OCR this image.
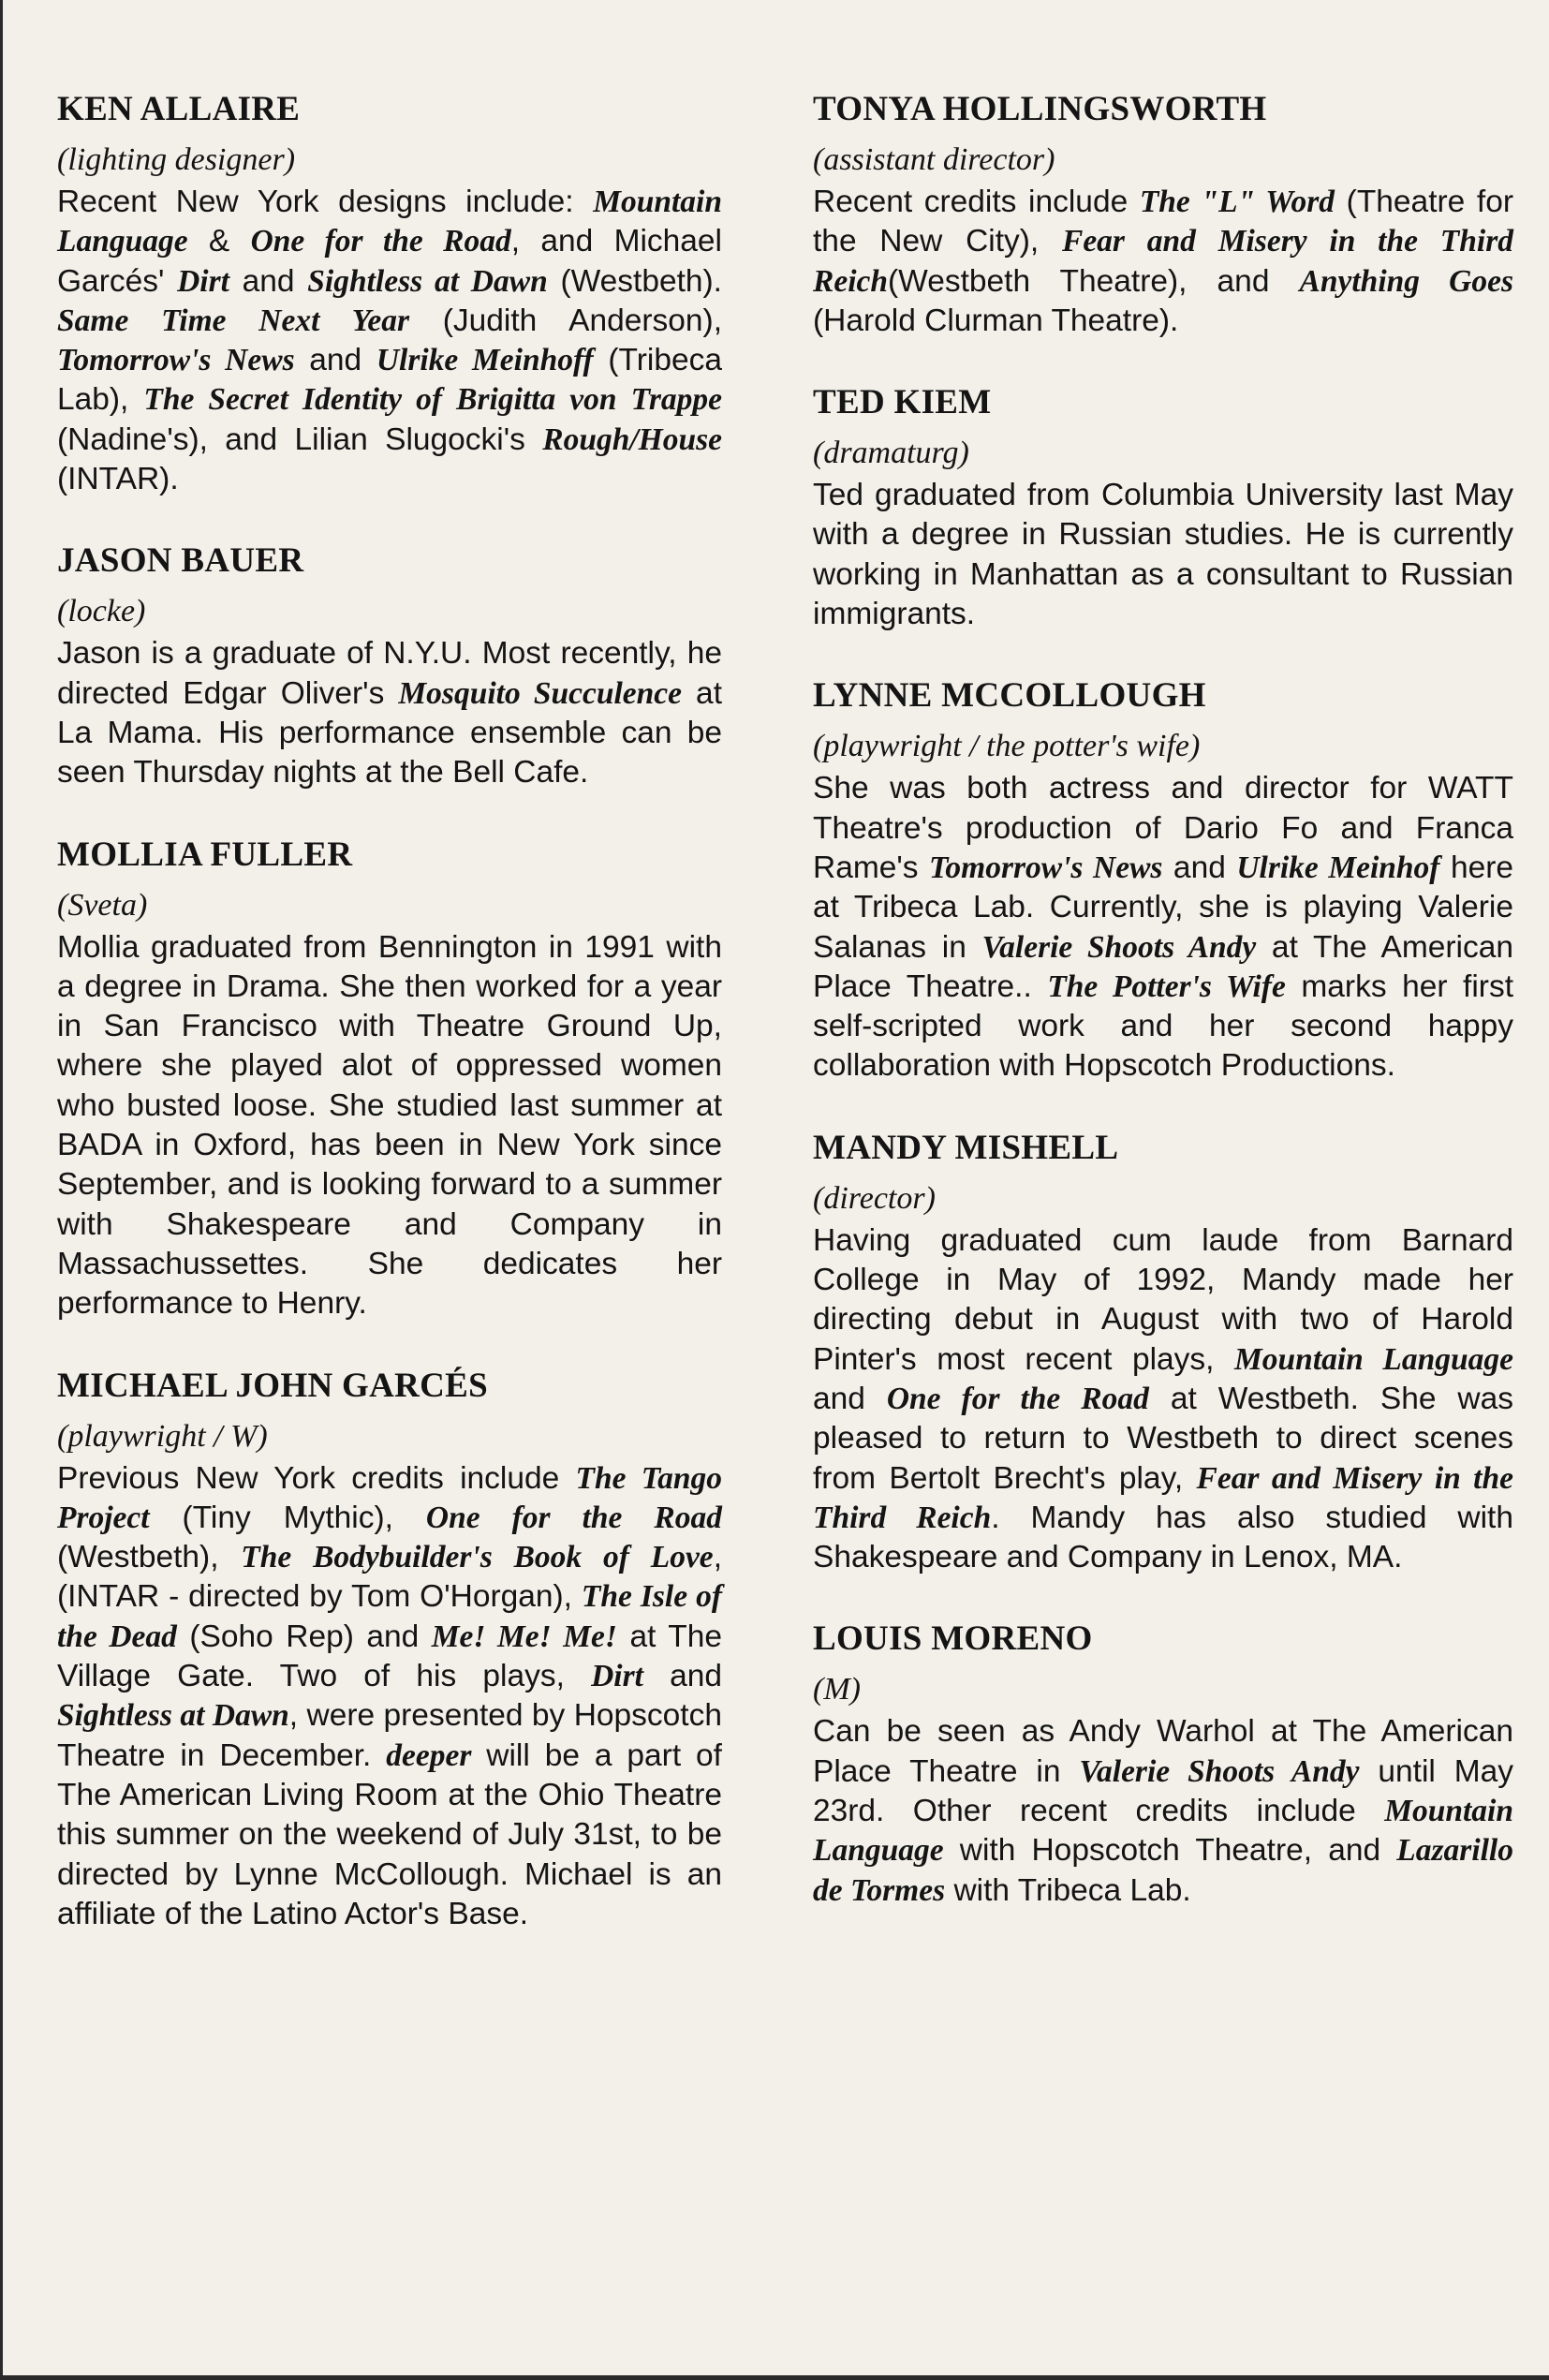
KEN ALLAIRE
(lighting designer)

Recent New York designs include: Mountain Language & One for the Road, and Michael Garcés' Dirt and Sightless at Dawn (Westbeth). Same Time Next Year (Judith Anderson), Tomorrow's News and Ulrike Meinhoff (Tribeca Lab), The Secret Identity of Brigitta von Trappe (Nadine's), and Lilian Slugocki's Rough/House (INTAR).

JASON BAUER
(locke)

Jason is a graduate of N.Y.U. Most recently, he directed Edgar Oliver's Mosquito Succulence at La Mama. His performance ensemble can be seen Thursday nights at the Bell Cafe.

MOLLIA FULLER
(Sveta)

Mollia graduated from Bennington in 1991 with a degree in Drama. She then worked for a year in San Francisco with Theatre Ground Up, where she played alot of oppressed women who busted loose. She studied last summer at BADA in Oxford, has been in New York since September, and is looking forward to a summer with Shakespeare and Company in Massachussettes. She dedicates her performance to Henry.

MICHAEL JOHN GARCÉS
(playwright / W)

Previous New York credits include The Tango Project (Tiny Mythic), One for the Road (Westbeth), The Bodybuilder's Book of Love, (INTAR - directed by Tom O'Horgan), The Isle of the Dead (Soho Rep) and Me! Me! Me! at The Village Gate. Two of his plays, Dirt and Sightless at Dawn, were presented by Hopscotch Theatre in December. deeper will be a part of The American Living Room at the Ohio Theatre this summer on the weekend of July 31st, to be directed by Lynne McCollough. Michael is an affiliate of the Latino Actor's Base.

TONYA HOLLINGSWORTH
(assistant director)

Recent credits include The "L" Word (Theatre for the New City), Fear and Misery in the Third Reich(Westbeth Theatre), and Anything Goes (Harold Clurman Theatre).

TED KIEM
(dramaturg)

Ted graduated from Columbia University last May with a degree in Russian studies. He is currently working in Manhattan as a consultant to Russian immigrants.

LYNNE MCCOLLOUGH
(playwright / the potter's wife)

She was both actress and director for WATT Theatre's production of Dario Fo and Franca Rame's Tomorrow's News and Ulrike Meinhof here at Tribeca Lab. Currently, she is playing Valerie Salanas in Valerie Shoots Andy at The American Place Theatre.. The Potter's Wife marks her first self-scripted work and her second happy collaboration with Hopscotch Productions.

MANDY MISHELL
(director)

Having graduated cum laude from Barnard College in May of 1992, Mandy made her directing debut in August with two of Harold Pinter's most recent plays, Mountain Language and One for the Road at Westbeth. She was pleased to return to Westbeth to direct scenes from Bertolt Brecht's play, Fear and Misery in the Third Reich. Mandy has also studied with Shakespeare and Company in Lenox, MA.

LOUIS MORENO
(M)

Can be seen as Andy Warhol at The American Place Theatre in Valerie Shoots Andy until May 23rd. Other recent credits include Mountain Language with Hopscotch Theatre, and Lazarillo de Tormes with Tribeca Lab.
